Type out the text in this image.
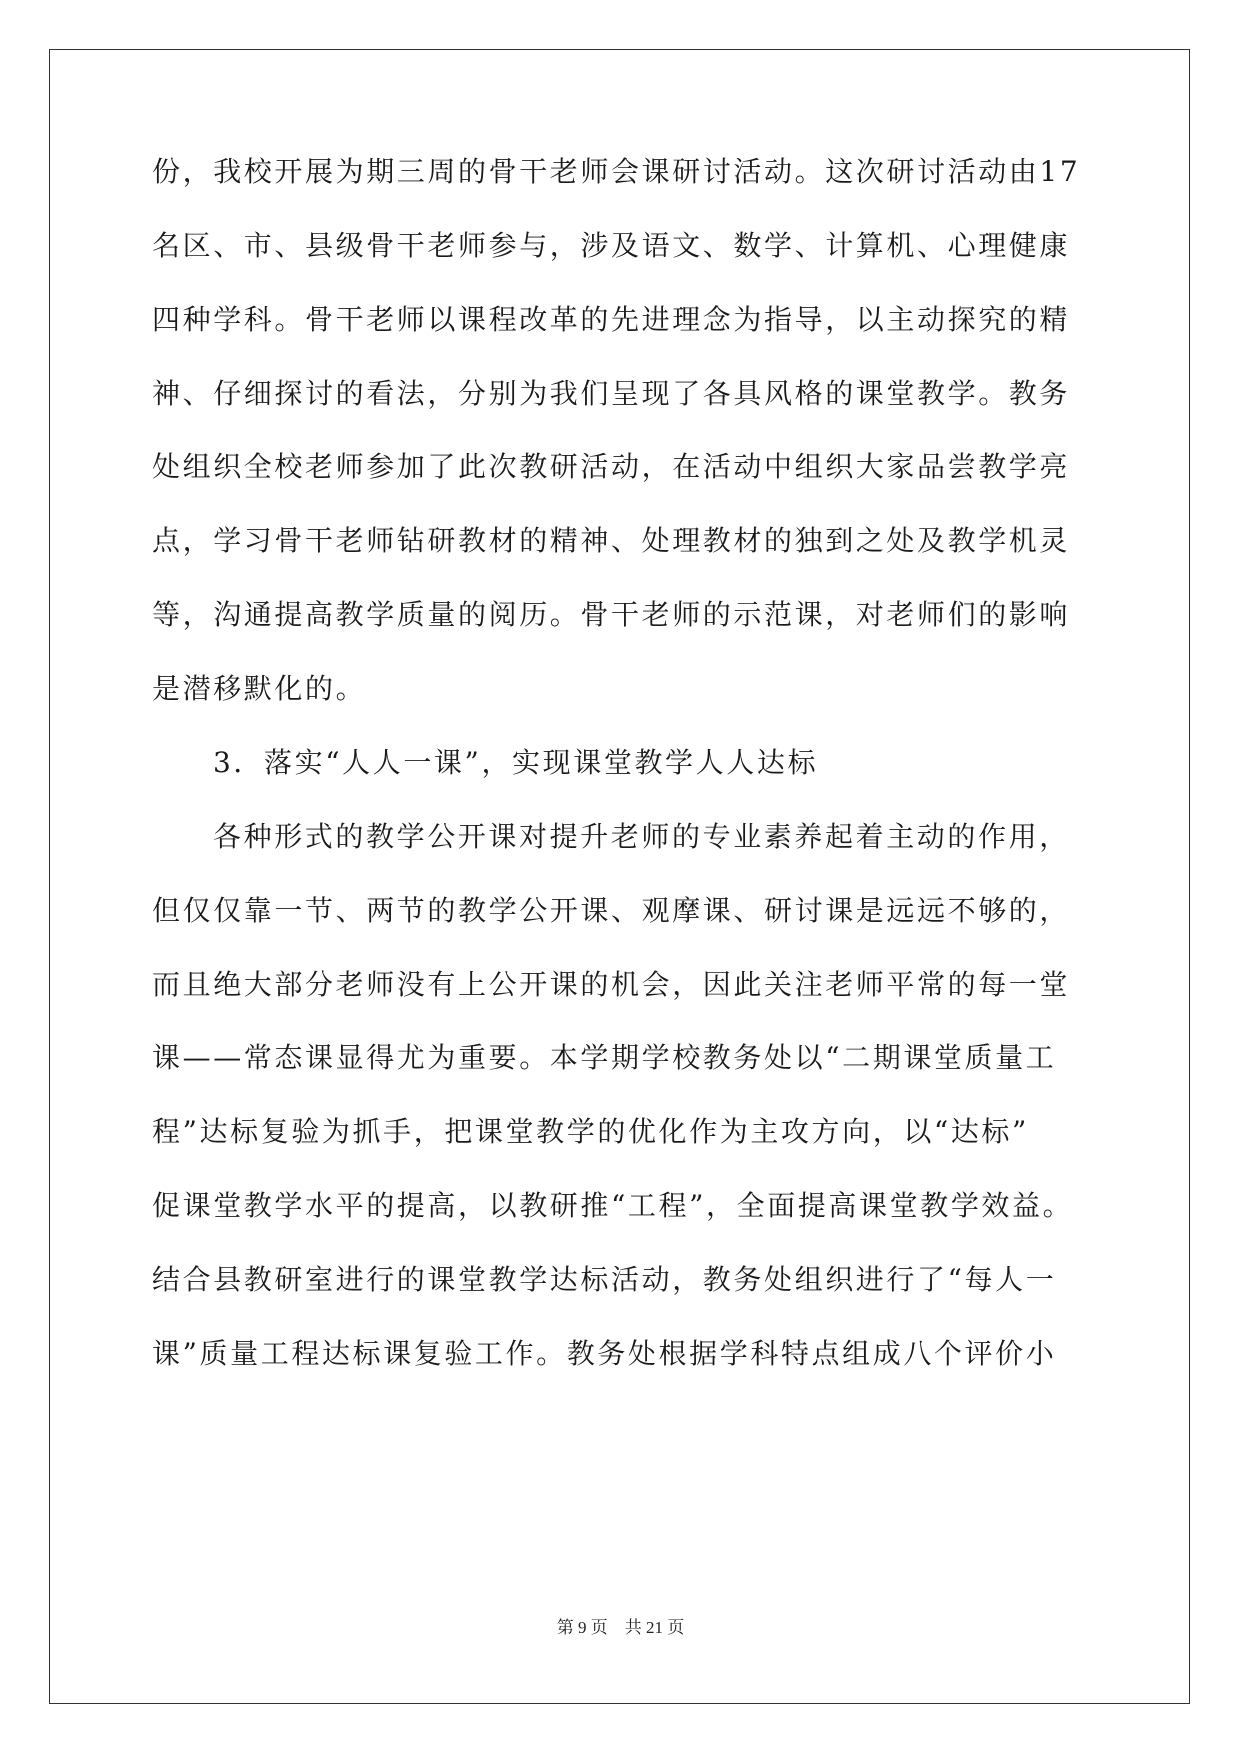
份，我校开展为期三周的骨干老师会课研讨活动。这次研讨活动由17
名区、市、县级骨干老师参与，涉及语文、数学、计算机、心理健康
四种学科。骨干老师以课程改革的先进理念为指导，以主动探究的精
神、仔细探讨的看法，分别为我们呈现了各具风格的课堂教学。教务
处组织全校老师参加了此次教研活动，在活动中组织大家品尝教学亮
点，学习骨干老师钻研教材的精神、处理教材的独到之处及教学机灵
等，沟通提高教学质量的阅历。骨干老师的示范课，对老师们的影响
是潜移默化的。
3．落实“人人一课”，实现课堂教学人人达标
各种形式的教学公开课对提升老师的专业素养起着主动的作用，
但仅仅靠一节、两节的教学公开课、观摩课、研讨课是远远不够的，
而且绝大部分老师没有上公开课的机会，因此关注老师平常的每一堂
课——常态课显得尤为重要。本学期学校教务处以“二期课堂质量工
程”达标复验为抓手，把课堂教学的优化作为主攻方向，以“达标”
促课堂教学水平的提高，以教研推“工程”，全面提高课堂教学效益。
结合县教研室进行的课堂教学达标活动，教务处组织进行了“每人一
课”质量工程达标课复验工作。教务处根据学科特点组成八个评价小
第 9 页    共 21 页
